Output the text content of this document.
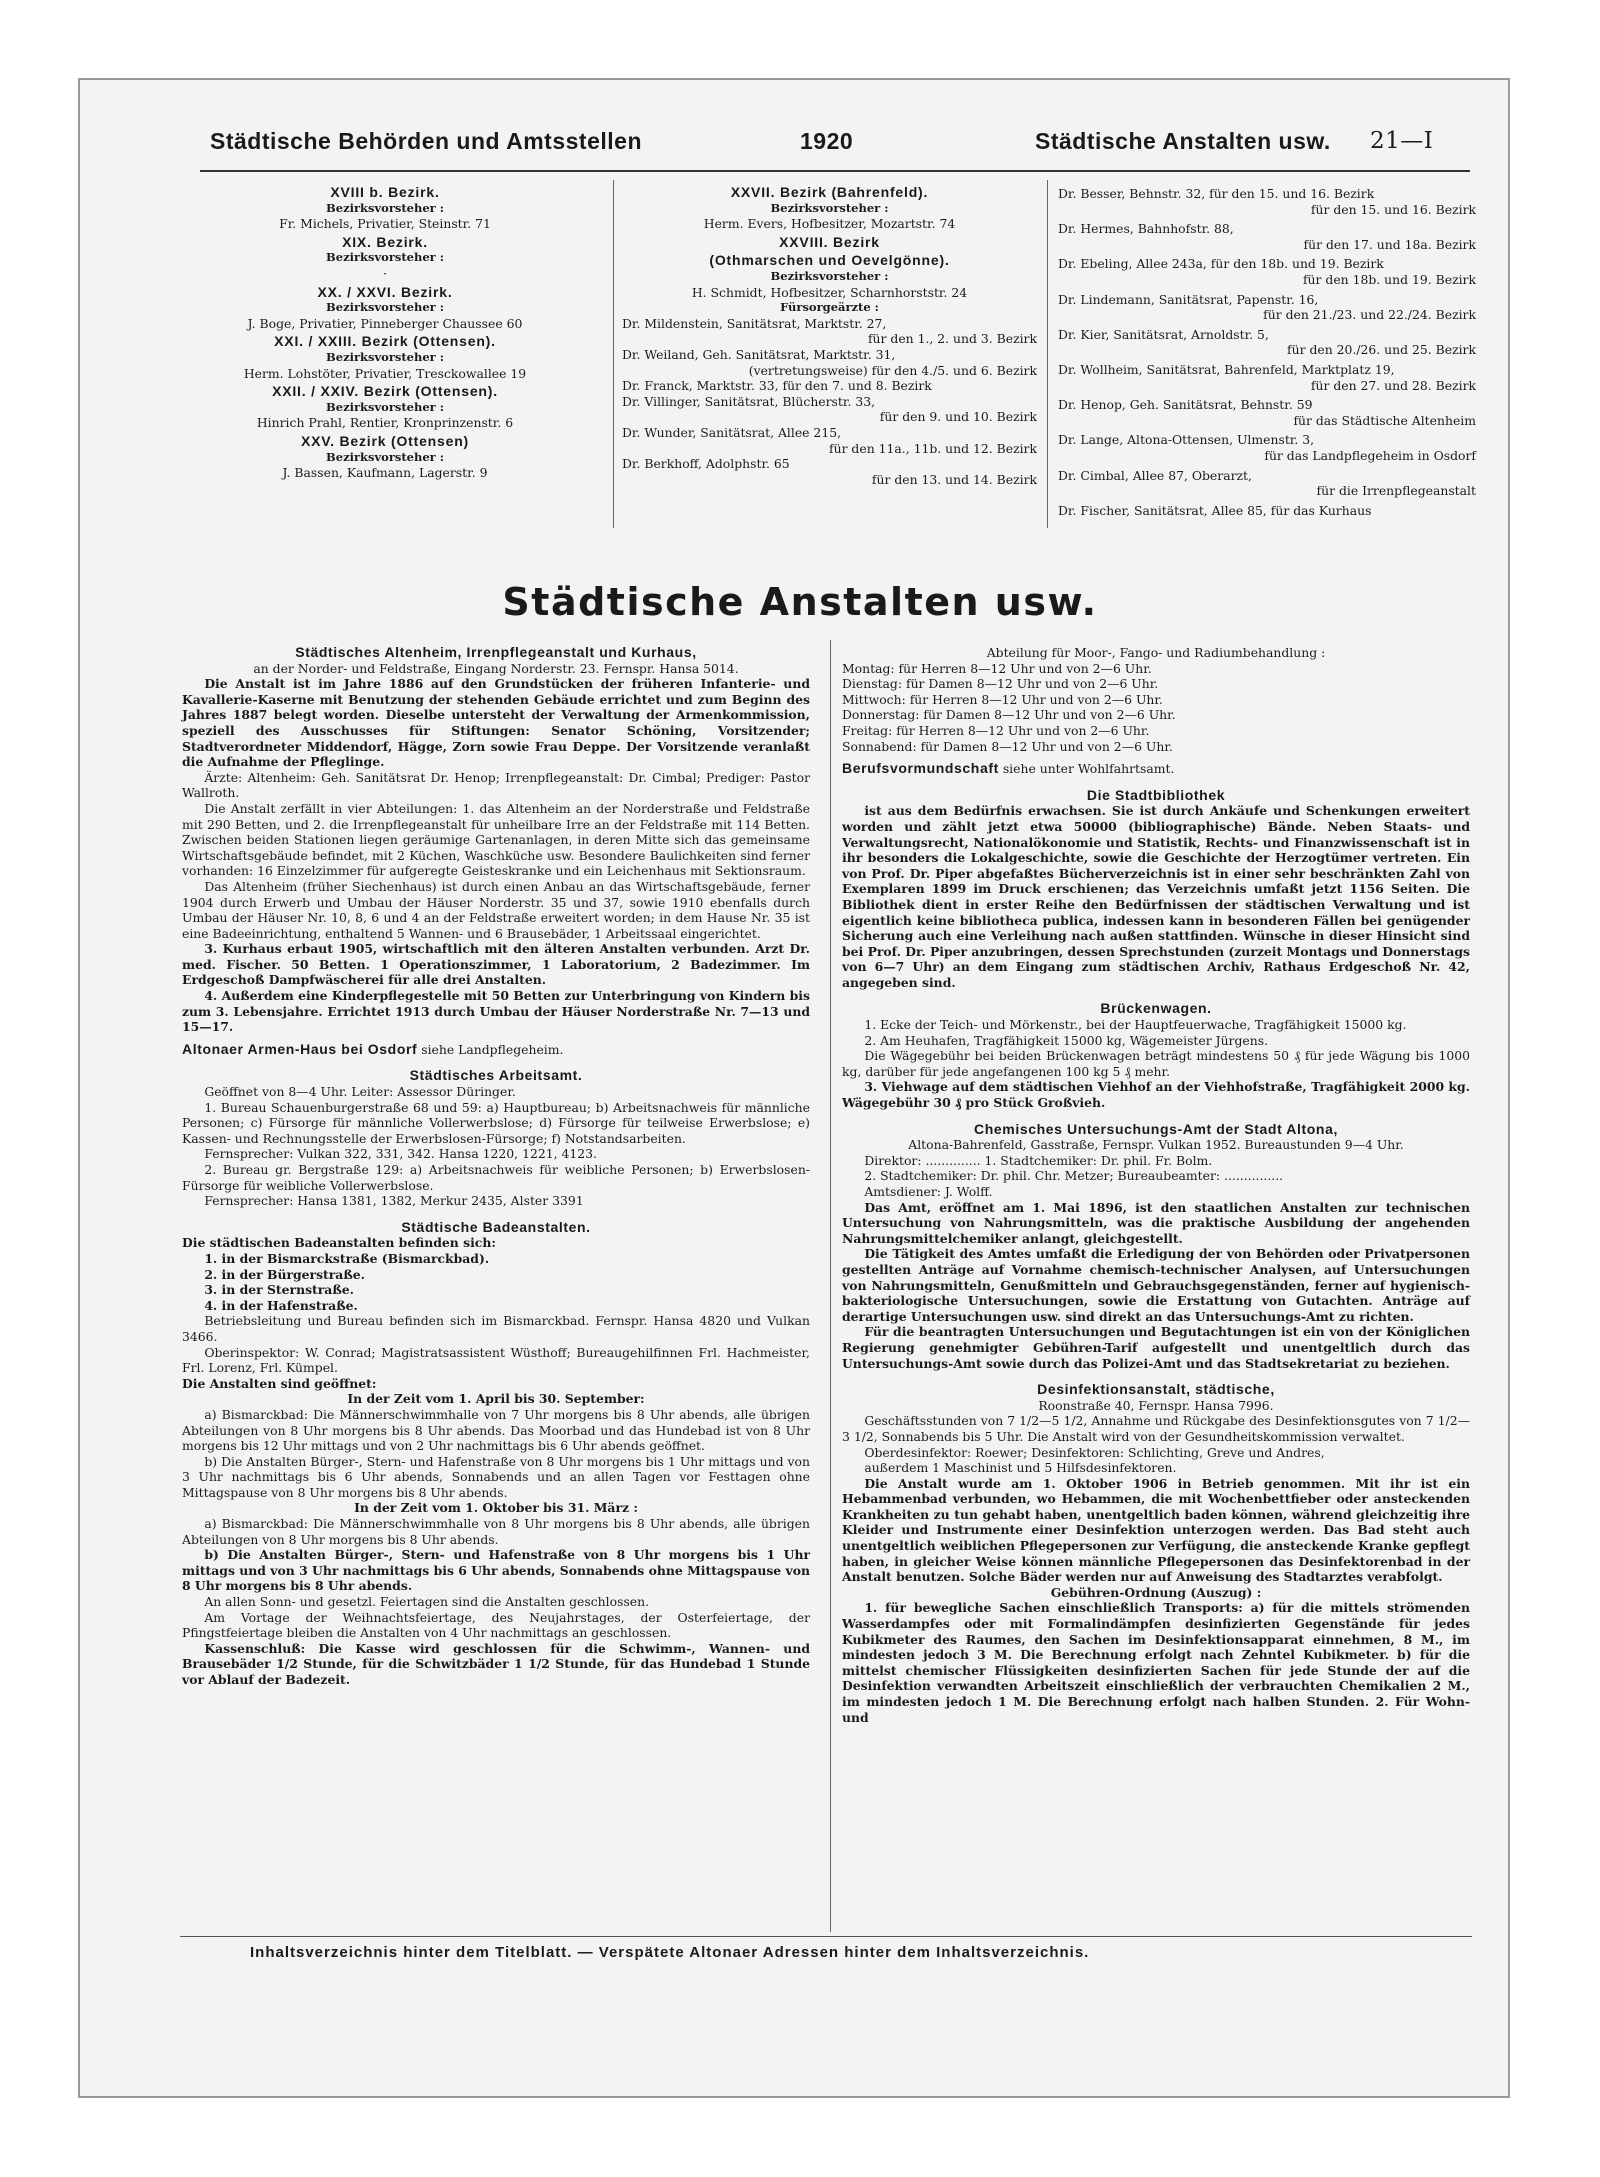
Städtische Behörden und Amtsstellen	1920	Städtische Anstalten usw. 21—I

XVIII b. Bezirk.

Bezirksvorsteher :

Fr. Michels, Privatier, Steinstr. 71

XIX. Bezirk.

Bezirksvorsteher :

·

XX. / XXVI. Bezirk.

Bezirksvorsteher :

J. Boge, Privatier, Pinneberger Chaussee 60

XXI. / XXIII. Bezirk (Ottensen).

Bezirksvorsteher :

Herm. Lohstöter, Privatier, Tresckowallee 19

XXII. / XXIV. Bezirk (Ottensen).

Bezirksvorsteher :

Hinrich Prahl, Rentier, Kronprinzenstr. 6

XXV. Bezirk (Ottensen)

Bezirksvorsteher :

J. Bassen, Kaufmann, Lagerstr. 9

XXVII. Bezirk (Bahrenfeld).

Bezirksvorsteher :

Herm. Evers, Hofbesitzer, Mozartstr. 74

XXVIII. Bezirk

(Othmarschen und Oevelgönne).

Bezirksvorsteher :

H. Schmidt, Hofbesitzer, Scharnhorststr. 24

Fürsorgeärzte :

Dr. Mildenstein, Sanitätsrat, Marktstr. 27,

für den 1., 2. und 3. Bezirk

Dr. Weiland, Geh. Sanitätsrat, Marktstr. 31,

(vertretungsweise) für den 4./5. und 6. Bezirk

Dr. Franck, Marktstr. 33, für den 7. und 8. Bezirk

Dr. Villinger, Sanitätsrat, Blücherstr. 33,

für den 9. und 10. Bezirk

Dr. Wunder, Sanitätsrat, Allee 215,

für den 11a., 11b. und 12. Bezirk

Dr. Berkhoff, Adolphstr. 65

für den 13. und 14. Bezirk

Dr. Besser, Behnstr. 32, für den 15. und 16. Bezirk

für den 15. und 16. Bezirk

Dr. Hermes, Bahnhofstr. 88,

für den 17. und 18a. Bezirk

Dr. Ebeling, Allee 243a, für den 18b. und 19. Bezirk

für den 18b. und 19. Bezirk

Dr. Lindemann, Sanitätsrat, Papenstr. 16,

für den 21./23. und 22./24. Bezirk

Dr. Kier, Sanitätsrat, Arnoldstr. 5,

für den 20./26. und 25. Bezirk

Dr. Wollheim, Sanitätsrat, Bahrenfeld, Marktplatz 19,

für den 27. und 28. Bezirk

Dr. Henop, Geh. Sanitätsrat, Behnstr. 59

für das Städtische Altenheim

Dr. Lange, Altona-Ottensen, Ulmenstr. 3,

für das Landpflegeheim in Osdorf

Dr. Cimbal, Allee 87, Oberarzt,

für die Irrenpflegeanstalt

Dr. Fischer, Sanitätsrat, Allee 85, für das Kurhaus

Städtische Anstalten usw.

Städtisches Altenheim, Irrenpflegeanstalt und Kurhaus,

an der Norder- und Feldstraße, Eingang Norderstr. 23. Fernspr. Hansa 5014.

Die Anstalt ist im Jahre 1886 auf den Grundstücken der früheren Infanterie- und Kavallerie-Kaserne mit Benutzung der stehenden Gebäude errichtet und zum Beginn des Jahres 1887 belegt worden. Dieselbe untersteht der Verwaltung der Armenkommission, speziell des Ausschusses für Stiftungen: Senator Schöning, Vorsitzender; Stadtverordneter Middendorf, Hägge, Zorn sowie Frau Deppe. Der Vorsitzende veranlaßt die Aufnahme der Pfleglinge.

Ärzte: Altenheim: Geh. Sanitätsrat Dr. Henop; Irrenpflegeanstalt: Dr. Cimbal; Prediger: Pastor Wallroth.

Die Anstalt zerfällt in vier Abteilungen: 1. das Altenheim an der Norderstraße und Feldstraße mit 290 Betten, und 2. die Irrenpflegeanstalt für unheilbare Irre an der Feldstraße mit 114 Betten. Zwischen beiden Stationen liegen geräumige Gartenanlagen, in deren Mitte sich das gemeinsame Wirtschaftsgebäude befindet, mit 2 Küchen, Waschküche usw. Besondere Baulichkeiten sind ferner vorhanden: 16 Einzelzimmer für aufgeregte Geisteskranke und ein Leichenhaus mit Sektionsraum.

Das Altenheim (früher Siechenhaus) ist durch einen Anbau an das Wirtschaftsgebäude, ferner 1904 durch Erwerb und Umbau der Häuser Norderstr. 35 und 37, sowie 1910 ebenfalls durch Umbau der Häuser Nr. 10, 8, 6 und 4 an der Feldstraße erweitert worden; in dem Hause Nr. 35 ist eine Badeeinrichtung, enthaltend 5 Wannen- und 6 Brausebäder, 1 Arbeitssaal eingerichtet.

3. Kurhaus erbaut 1905, wirtschaftlich mit den älteren Anstalten verbunden. Arzt Dr. med. Fischer. 50 Betten. 1 Operationszimmer, 1 Laboratorium, 2 Badezimmer. Im Erdgeschoß Dampfwäscherei für alle drei Anstalten.

4. Außerdem eine Kinderpflegestelle mit 50 Betten zur Unterbringung von Kindern bis zum 3. Lebensjahre. Errichtet 1913 durch Umbau der Häuser Norderstraße Nr. 7—13 und 15—17.

Altonaer Armen-Haus bei Osdorf siehe Landpflegeheim.

Städtisches Arbeitsamt.

Geöffnet von 8—4 Uhr. Leiter: Assessor Düringer.

1. Bureau Schauenburgerstraße 68 und 59: a) Hauptbureau; b) Arbeitsnachweis für männliche Personen; c) Fürsorge für männliche Vollerwerbslose; d) Fürsorge für teilweise Erwerbslose; e) Kassen- und Rechnungsstelle der Erwerbslosen-Fürsorge; f) Notstandsarbeiten.

Fernsprecher: Vulkan 322, 331, 342. Hansa 1220, 1221, 4123.

2. Bureau gr. Bergstraße 129: a) Arbeitsnachweis für weibliche Personen; b) Erwerbslosen-Fürsorge für weibliche Vollerwerbslose.

Fernsprecher: Hansa 1381, 1382, Merkur 2435, Alster 3391

Städtische Badeanstalten.

Die städtischen Badeanstalten befinden sich:

1. in der Bismarckstraße (Bismarckbad).

2. in der Bürgerstraße.

3. in der Sternstraße.

4. in der Hafenstraße.

Betriebsleitung und Bureau befinden sich im Bismarckbad. Fernspr. Hansa 4820 und Vulkan 3466.

Oberinspektor: W. Conrad; Magistratsassistent Wüsthoff; Bureaugehilfinnen Frl. Hachmeister, Frl. Lorenz, Frl. Kümpel.

Die Anstalten sind geöffnet:

In der Zeit vom 1. April bis 30. September:

a) Bismarckbad: Die Männerschwimmhalle von 7 Uhr morgens bis 8 Uhr abends, alle übrigen Abteilungen von 8 Uhr morgens bis 8 Uhr abends. Das Moorbad und das Hundebad ist von 8 Uhr morgens bis 12 Uhr mittags und von 2 Uhr nachmittags bis 6 Uhr abends geöffnet.

b) Die Anstalten Bürger-, Stern- und Hafenstraße von 8 Uhr morgens bis 1 Uhr mittags und von 3 Uhr nachmittags bis 6 Uhr abends, Sonnabends und an allen Tagen vor Festtagen ohne Mittagspause von 8 Uhr morgens bis 8 Uhr abends.

In der Zeit vom 1. Oktober bis 31. März :

a) Bismarckbad: Die Männerschwimmhalle von 8 Uhr morgens bis 8 Uhr abends, alle übrigen Abteilungen von 8 Uhr morgens bis 8 Uhr abends.

b) Die Anstalten Bürger-, Stern- und Hafenstraße von 8 Uhr morgens bis 1 Uhr mittags und von 3 Uhr nachmittags bis 6 Uhr abends, Sonnabends ohne Mittagspause von 8 Uhr morgens bis 8 Uhr abends.

An allen Sonn- und gesetzl. Feiertagen sind die Anstalten geschlossen.

Am Vortage der Weihnachtsfeiertage, des Neujahrstages, der Osterfeiertage, der Pfingstfeiertage bleiben die Anstalten von 4 Uhr nachmittags an geschlossen.

Kassenschluß: Die Kasse wird geschlossen für die Schwimm-, Wannen- und Brausebäder 1/2 Stunde, für die Schwitzbäder 1 1/2 Stunde, für das Hundebad 1 Stunde vor Ablauf der Badezeit.

Abteilung für Moor-, Fango- und Radiumbehandlung :

Montag: für Herren 8—12 Uhr und von 2—6 Uhr.

Dienstag: für Damen 8—12 Uhr und von 2—6 Uhr.

Mittwoch: für Herren 8—12 Uhr und von 2—6 Uhr.

Donnerstag: für Damen 8—12 Uhr und von 2—6 Uhr.

Freitag: für Herren 8—12 Uhr und von 2—6 Uhr.

Sonnabend: für Damen 8—12 Uhr und von 2—6 Uhr.

Berufsvormundschaft siehe unter Wohlfahrtsamt.

Die Stadtbibliothek

ist aus dem Bedürfnis erwachsen. Sie ist durch Ankäufe und Schenkungen erweitert worden und zählt jetzt etwa 50000 (bibliographische) Bände. Neben Staats- und Verwaltungsrecht, Nationalökonomie und Statistik, Rechts- und Finanzwissenschaft ist in ihr besonders die Lokalgeschichte, sowie die Geschichte der Herzogtümer vertreten. Ein von Prof. Dr. Piper abgefaßtes Bücherverzeichnis ist in einer sehr beschränkten Zahl von Exemplaren 1899 im Druck erschienen; das Verzeichnis umfaßt jetzt 1156 Seiten. Die Bibliothek dient in erster Reihe den Bedürfnissen der städtischen Verwaltung und ist eigentlich keine bibliotheca publica, indessen kann in besonderen Fällen bei genügender Sicherung auch eine Verleihung nach außen stattfinden. Wünsche in dieser Hinsicht sind bei Prof. Dr. Piper anzubringen, dessen Sprechstunden (zurzeit Montags und Donnerstags von 6—7 Uhr) an dem Eingang zum städtischen Archiv, Rathaus Erdgeschoß Nr. 42, angegeben sind.

Brückenwagen.

1. Ecke der Teich- und Mörkenstr., bei der Hauptfeuerwache, Tragfähigkeit 15000 kg.

2. Am Heuhafen, Tragfähigkeit 15000 kg, Wägemeister Jürgens.

Die Wägegebühr bei beiden Brückenwagen beträgt mindestens 50 ₰ für jede Wägung bis 1000 kg, darüber für jede angefangenen 100 kg 5 ₰ mehr.

3. Viehwage auf dem städtischen Viehhof an der Viehhofstraße, Tragfähigkeit 2000 kg. Wägegebühr 30 ₰ pro Stück Großvieh.

Chemisches Untersuchungs-Amt der Stadt Altona,

Altona-Bahrenfeld, Gasstraße, Fernspr. Vulkan 1952. Bureaustunden 9—4 Uhr.

Direktor: .............. 1. Stadtchemiker: Dr. phil. Fr. Bolm.

2. Stadtchemiker: Dr. phil. Chr. Metzer; Bureaubeamter: ...............

Amtsdiener: J. Wolff.

Das Amt, eröffnet am 1. Mai 1896, ist den staatlichen Anstalten zur technischen Untersuchung von Nahrungsmitteln, was die praktische Ausbildung der angehenden Nahrungsmittelchemiker anlangt, gleichgestellt.

Die Tätigkeit des Amtes umfaßt die Erledigung der von Behörden oder Privatpersonen gestellten Anträge auf Vornahme chemisch-technischer Analysen, auf Untersuchungen von Nahrungsmitteln, Genußmitteln und Gebrauchsgegenständen, ferner auf hygienisch-bakteriologische Untersuchungen, sowie die Erstattung von Gutachten. Anträge auf derartige Untersuchungen usw. sind direkt an das Untersuchungs-Amt zu richten.

Für die beantragten Untersuchungen und Begutachtungen ist ein von der Königlichen Regierung genehmigter Gebühren-Tarif aufgestellt und unentgeltlich durch das Untersuchungs-Amt sowie durch das Polizei-Amt und das Stadtsekretariat zu beziehen.

Desinfektionsanstalt, städtische,

Roonstraße 40, Fernspr. Hansa 7996.

Geschäftsstunden von 7 1/2—5 1/2, Annahme und Rückgabe des Desinfektionsgutes von 7 1/2—3 1/2, Sonnabends bis 5 Uhr. Die Anstalt wird von der Gesundheitskommission verwaltet.

Oberdesinfektor: Roewer; Desinfektoren: Schlichting, Greve und Andres,

außerdem 1 Maschinist und 5 Hilfsdesinfektoren.

Die Anstalt wurde am 1. Oktober 1906 in Betrieb genommen. Mit ihr ist ein Hebammenbad verbunden, wo Hebammen, die mit Wochenbettfieber oder ansteckenden Krankheiten zu tun gehabt haben, unentgeltlich baden können, während gleichzeitig ihre Kleider und Instrumente einer Desinfektion unterzogen werden. Das Bad steht auch unentgeltlich weiblichen Pflegepersonen zur Verfügung, die ansteckende Kranke gepflegt haben, in gleicher Weise können männliche Pflegepersonen das Desinfektorenbad in der Anstalt benutzen. Solche Bäder werden nur auf Anweisung des Stadtarztes verabfolgt.

Gebühren-Ordnung (Auszug) :

1. für bewegliche Sachen einschließlich Transports: a) für die mittels strömenden Wasserdampfes oder mit Formalindämpfen desinfizierten Gegenstände für jedes Kubikmeter des Raumes, den Sachen im Desinfektionsapparat einnehmen, 8 M., im mindesten jedoch 3 M. Die Berechnung erfolgt nach Zehntel Kubikmeter. b) für die mittelst chemischer Flüssigkeiten desinfizierten Sachen für jede Stunde der auf die Desinfektion verwandten Arbeitszeit einschließlich der verbrauchten Chemikalien 2 M., im mindesten jedoch 1 M. Die Berechnung erfolgt nach halben Stunden. 2. Für Wohn- und

Inhaltsverzeichnis hinter dem Titelblatt. — Verspätete Altonaer Adressen hinter dem Inhaltsverzeichnis.
